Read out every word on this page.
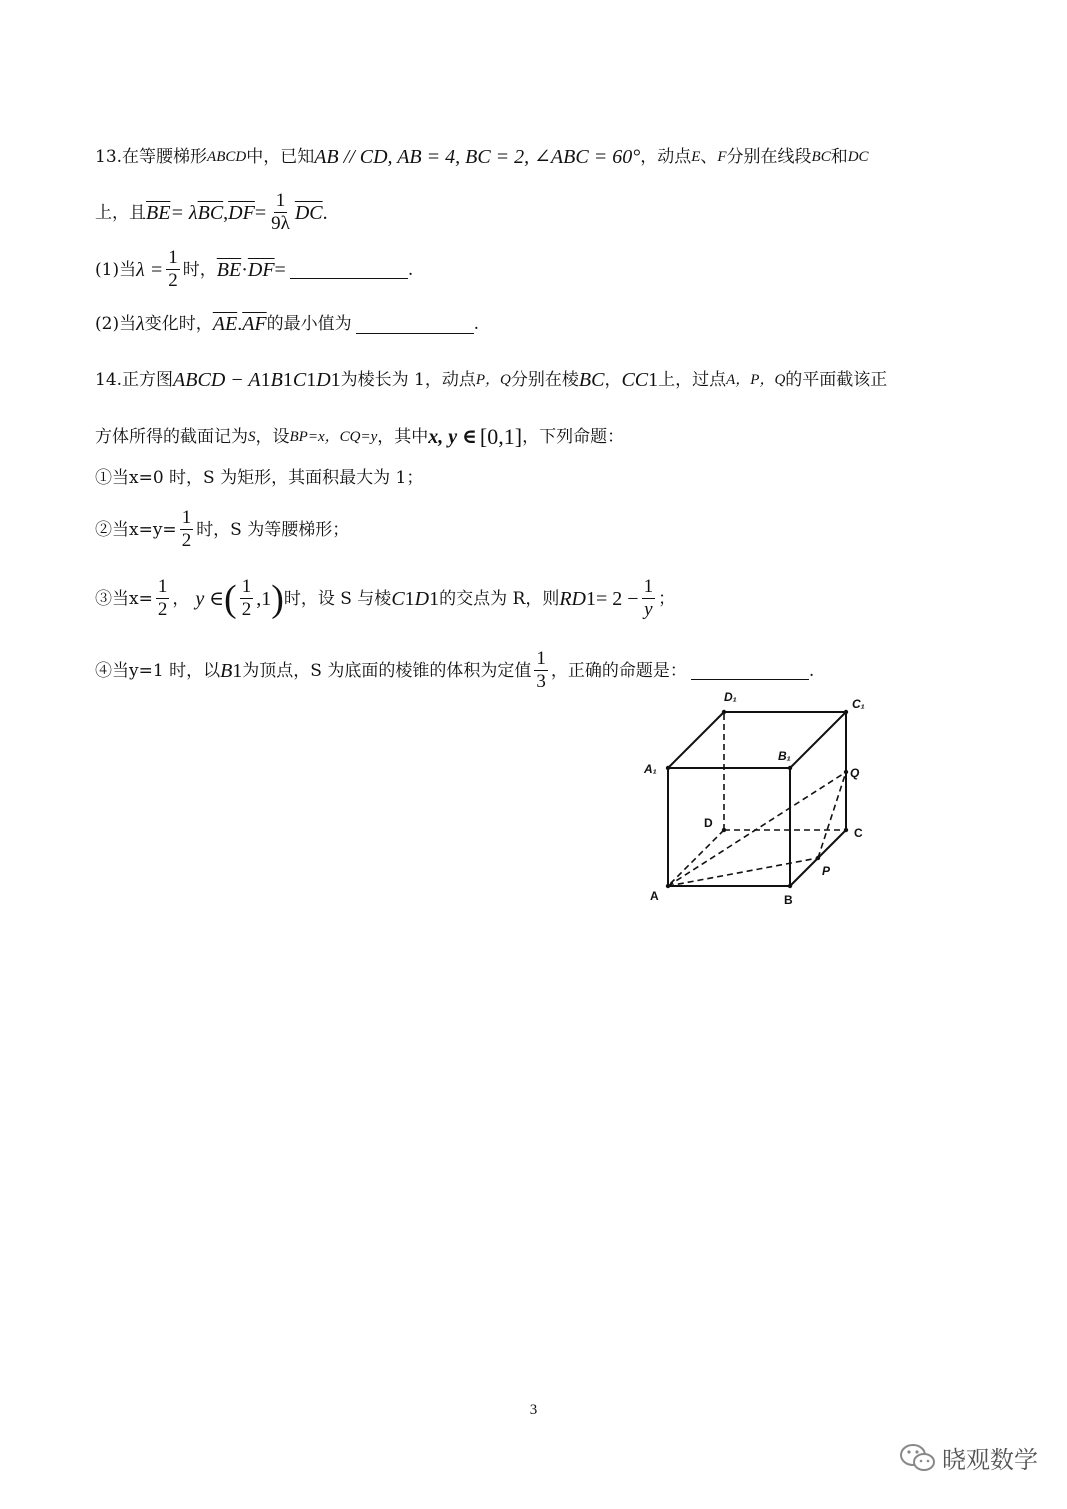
13.在等腰梯形 ABCD 中，已知 AB // CD, AB = 4, BC = 2, ∠ABC = 60° ，动点 E 、 F 分别在线段 BC 和 DC
上，且 $\overline{BE} = \lambda$ $\overline{BC}$ , $\overline{DF} = \frac{1}{9\lambda} \overline{DC}$ .
(1)当 $\lambda = \frac{1}{2}$ 时， $\overline{BE} \cdot \overline{DF}$ =	.
(2)当 λ 变化时， $\overline{AE}$ . $\overline{AF}$ 的最小值为	.
14.正方图 ABCD − A 1 B 1 C 1 D 1 为棱长为 1，动点 P，Q 分别在棱 BC ， CC 1 上，过点 A，P，Q 的平面截该正
方体所得的截面记为 S ，设 BP=x，CQ=y ，其中 x, y ∈ [0,1] ，下列命题：
①当x=0 时，S 为矩形，其面积最大为 1；
②当$x=y= \frac{1}{2}$ 时，S 为等腰梯形；
③当$x= \frac{1}{2}$ ， y ∈ ( $\frac{1}{2} ,1$ ) 时，设 S 与棱 C 1 D 1 的交点为 R，则 RD $1 = 2 - \frac{1}{y}$ ；
④当y=1 时，以 B 1 为顶点，S 为底面的棱锥的体积为定值 $\frac{1}{3}$ ，正确的命题是：	.
D₁	C₁
A₁
B₁
D
C
Q
P
A	B
3
晓观数学
